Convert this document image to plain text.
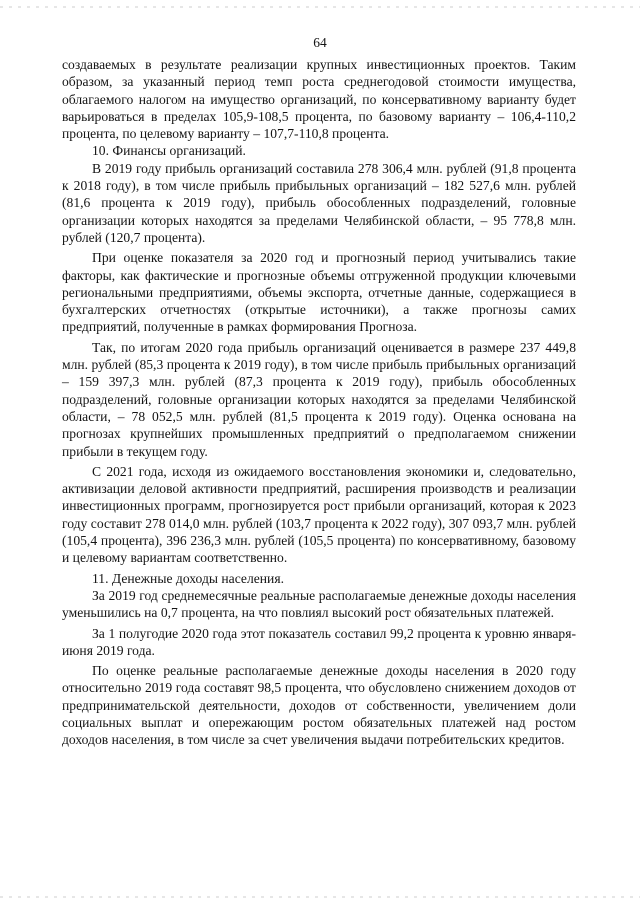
64

создаваемых в результате реализации крупных инвестиционных проектов. Таким образом, за указанный период темп роста среднегодовой стоимости имущества, облагаемого налогом на имущество организаций, по консервативному варианту будет варьироваться в пределах 105,9-108,5 процента, по базовому варианту – 106,4-110,2 процента, по целевому варианту – 107,7-110,8 процента.

10. Финансы организаций.

В 2019 году прибыль организаций составила 278 306,4 млн. рублей (91,8 процента к 2018 году), в том числе прибыль прибыльных организаций – 182 527,6 млн. рублей (81,6 процента к 2019 году), прибыль обособленных подразделений, головные организации которых находятся за пределами Челябинской области, – 95 778,8 млн. рублей (120,7 процента).

При оценке показателя за 2020 год и прогнозный период учитывались такие факторы, как фактические и прогнозные объемы отгруженной продукции ключевыми региональными предприятиями, объемы экспорта, отчетные данные, содержащиеся в бухгалтерских отчетностях (открытые источники), а также прогнозы самих предприятий, полученные в рамках формирования Прогноза.

Так, по итогам 2020 года прибыль организаций оценивается в размере 237 449,8 млн. рублей (85,3 процента к 2019 году), в том числе прибыль прибыльных организаций – 159 397,3 млн. рублей (87,3 процента к 2019 году), прибыль обособленных подразделений, головные организации которых находятся за пределами Челябинской области, – 78 052,5 млн. рублей (81,5 процента к 2019 году). Оценка основана на прогнозах крупнейших промышленных предприятий о предполагаемом снижении прибыли в текущем году.

С 2021 года, исходя из ожидаемого восстановления экономики и, следовательно, активизации деловой активности предприятий, расширения производств и реализации инвестиционных программ, прогнозируется рост прибыли организаций, которая к 2023 году составит 278 014,0 млн. рублей (103,7 процента к 2022 году), 307 093,7 млн. рублей (105,4 процента), 396 236,3 млн. рублей (105,5 процента) по консервативному, базовому и целевому вариантам соответственно.

11. Денежные доходы населения.

За 2019 год среднемесячные реальные располагаемые денежные доходы населения уменьшились на 0,7 процента, на что повлиял высокий рост обязательных платежей.

За 1 полугодие 2020 года этот показатель составил 99,2 процента к уровню января-июня 2019 года.

По оценке реальные располагаемые денежные доходы населения в 2020 году относительно 2019 года составят 98,5 процента, что обусловлено снижением доходов от предпринимательской деятельности, доходов от собственности, увеличением доли социальных выплат и опережающим ростом обязательных платежей над ростом доходов населения, в том числе за счет увеличения выдачи потребительских кредитов.
